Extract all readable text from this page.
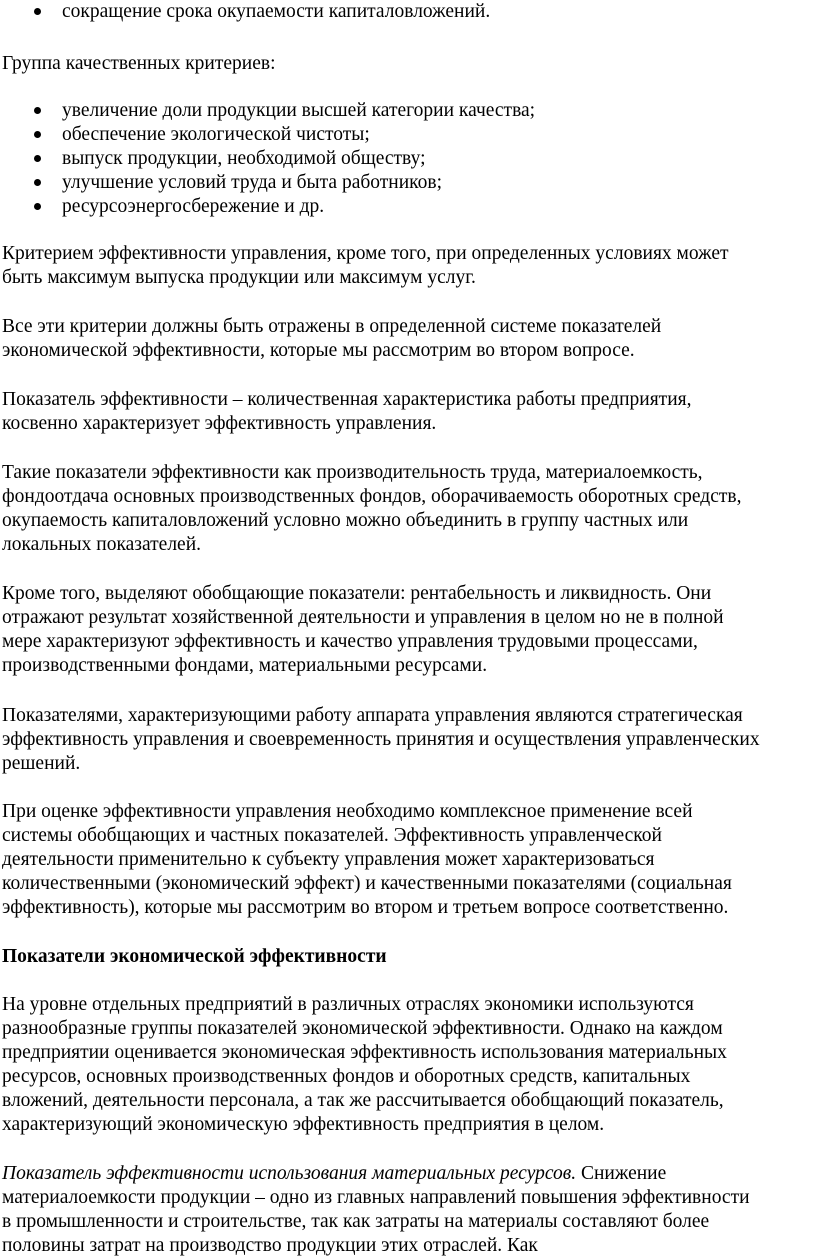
сокращение срока окупаемости капиталовложений.

Группа качественных критериев:

увеличение доли продукции высшей категории качества;
обеспечение экологической чистоты;
выпуск продукции, необходимой обществу;
улучшение условий труда и быта работников;
ресурсоэнергосбережение и др.

Критерием эффективности управления, кроме того, при определенных условиях может
быть максимум выпуска продукции или максимум услуг.

Все эти критерии должны быть отражены в определенной системе показателей
экономической эффективности, которые мы рассмотрим во втором вопросе.

Показатель эффективности – количественная характеристика работы предприятия,
косвенно характеризует эффективность управления.

Такие показатели эффективности как производительность труда, материалоемкость,
фондоотдача основных производственных фондов, оборачиваемость оборотных средств,
окупаемость капиталовложений условно можно объединить в группу частных или
локальных показателей.

Кроме того, выделяют обобщающие показатели: рентабельность и ликвидность. Они
отражают результат хозяйственной деятельности и управления в целом но не в полной
мере характеризуют эффективность и качество управления трудовыми процессами,
производственными фондами, материальными ресурсами.

Показателями, характеризующими работу аппарата управления являются стратегическая
эффективность управления и своевременность принятия и осуществления управленческих
решений.

При оценке эффективности управления необходимо комплексное применение всей
системы обобщающих и частных показателей. Эффективность управленческой
деятельности применительно к субъекту управления может характеризоваться
количественными (экономический эффект) и качественными показателями (социальная
эффективность), которые мы рассмотрим во втором и третьем вопросе соответственно.

Показатели экономической эффективности

На уровне отдельных предприятий в различных отраслях экономики используются
разнообразные группы показателей экономической эффективности. Однако на каждом
предприятии оценивается экономическая эффективность использования материальных
ресурсов, основных производственных фондов и оборотных средств, капитальных
вложений, деятельности персонала, а так же рассчитывается обобщающий показатель,
характеризующий экономическую эффективность предприятия в целом.

Показатель эффективности использования материальных ресурсов. Снижение
материалоемкости продукции – одно из главных направлений повышения эффективности
в промышленности и строительстве, так как затраты на материалы составляют более
половины затрат на производство продукции этих отраслей. Как
